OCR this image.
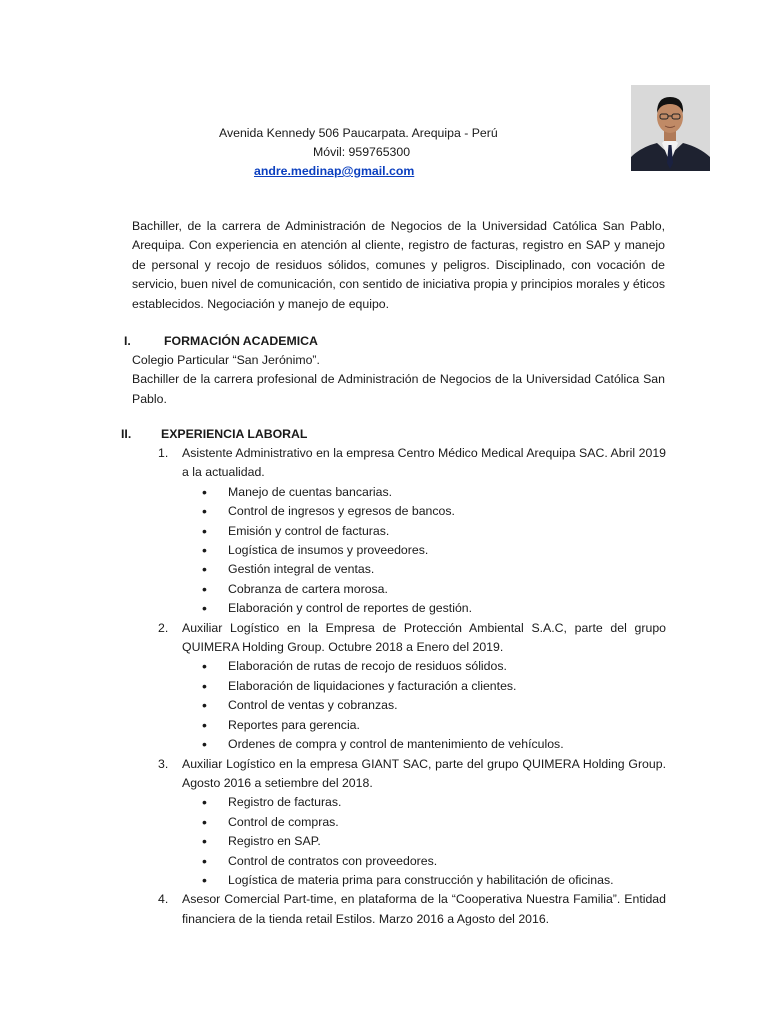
Avenida Kennedy 506 Paucarpata. Arequipa - Perú
Móvil: 959765300
andre.medinap@gmail.com
Bachiller, de la carrera de Administración de Negocios de la Universidad Católica San Pablo, Arequipa. Con experiencia en atención al cliente, registro de facturas, registro en SAP y manejo de personal y recojo de residuos sólidos, comunes y peligros. Disciplinado, con vocación de servicio, buen nivel de comunicación, con sentido de iniciativa propia y principios morales y éticos establecidos. Negociación y manejo de equipo.
I.	FORMACIÓN ACADEMICA

Colegio Particular “San Jerónimo”.

Bachiller de la carrera profesional de Administración de Negocios de la Universidad Católica San Pablo.

II. EXPERIENCIA LABORAL
1. Asistente Administrativo en la empresa Centro Médico Medical Arequipa SAC. Abril 2019 a la actualidad.
• Manejo de cuentas bancarias.
• Control de ingresos y egresos de bancos.
• Emisión y control de facturas.
• Logística de insumos y proveedores.
• Gestión integral de ventas.
• Cobranza de cartera morosa.
• Elaboración y control de reportes de gestión.
2. Auxiliar Logístico en la Empresa de Protección Ambiental S.A.C, parte del grupo QUIMERA Holding Group. Octubre 2018 a Enero del 2019.
• Elaboración de rutas de recojo de residuos sólidos.
• Elaboración de liquidaciones y facturación a clientes.
• Control de ventas y cobranzas.
• Reportes para gerencia.
• Ordenes de compra y control de mantenimiento de vehículos.
3. Auxiliar Logístico en la empresa GIANT SAC, parte del grupo QUIMERA Holding Group. Agosto 2016 a setiembre del 2018.
• Registro de facturas.
• Control de compras.
• Registro en SAP.
• Control de contratos con proveedores.
• Logística de materia prima para construcción y habilitación de oficinas.
4. Asesor Comercial Part-time, en plataforma de la “Cooperativa Nuestra Familia”. Entidad financiera de la tienda retail Estilos. Marzo 2016 a Agosto del 2016.
